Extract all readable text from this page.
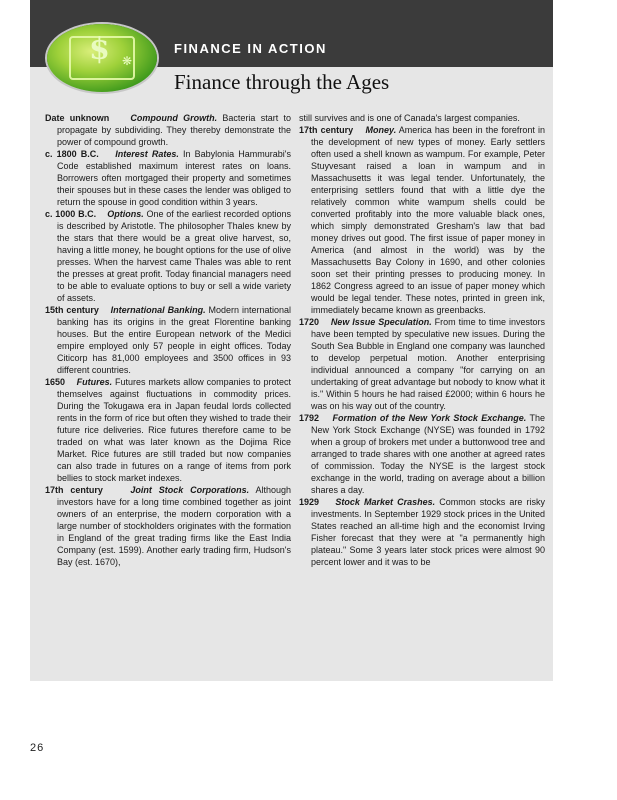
$ ❋
FINANCE IN ACTION
Finance through the Ages

Date unknown Compound Growth. Bacteria start to propagate by subdividing. They thereby demonstrate the power of compound growth.

c. 1800 B.C. Interest Rates. In Babylonia Hammurabi's Code established maximum interest rates on loans. Borrowers often mortgaged their property and sometimes their spouses but in these cases the lender was obliged to return the spouse in good condition within 3 years.

c. 1000 B.C. Options. One of the earliest recorded options is described by Aristotle. The philosopher Thales knew by the stars that there would be a great olive harvest, so, having a little money, he bought options for the use of olive presses. When the harvest came Thales was able to rent the presses at great profit. Today financial managers need to be able to evaluate options to buy or sell a wide variety of assets.

15th century International Banking. Modern international banking has its origins in the great Florentine banking houses. But the entire European network of the Medici empire employed only 57 people in eight offices. Today Citicorp has 81,000 employees and 3500 offices in 93 different countries.

1650 Futures. Futures markets allow companies to protect themselves against fluctuations in commodity prices. During the Tokugawa era in Japan feudal lords collected rents in the form of rice but often they wished to trade their future rice deliveries. Rice futures therefore came to be traded on what was later known as the Dojima Rice Market. Rice futures are still traded but now companies can also trade in futures on a range of items from pork bellies to stock market indexes.

17th century	Joint Stock Corporations. Although investors have for a long time combined together as joint owners of an enterprise, the modern corporation with a large number of stockholders originates with the formation in England of the great trading firms like the East India Company (est. 1599). Another early trading firm, Hudson's Bay (est. 1670),

still survives and is one of Canada's largest companies.

17th century Money. America has been in the forefront in the development of new types of money. Early settlers often used a shell known as wampum. For example, Peter Stuyvesant raised a loan in wampum and in Massachusetts it was legal tender. Unfortunately, the enterprising settlers found that with a little dye the relatively common white wampum shells could be converted profitably into the more valuable black ones, which simply demonstrated Gresham's law that bad money drives out good. The first issue of paper money in America (and almost in the world) was by the Massachusetts Bay Colony in 1690, and other colonies soon set their printing presses to producing money. In 1862 Congress agreed to an issue of paper money which would be legal tender. These notes, printed in green ink, immediately became known as greenbacks.

1720 New Issue Speculation. From time to time investors have been tempted by speculative new issues. During the South Sea Bubble in England one company was launched to develop perpetual motion. Another enterprising individual announced a company "for carrying on an undertaking of great advantage but nobody to know what it is." Within 5 hours he had raised £2000; within 6 hours he was on his way out of the country.

1792 Formation of the New York Stock Exchange. The New York Stock Exchange (NYSE) was founded in 1792 when a group of brokers met under a buttonwood tree and arranged to trade shares with one another at agreed rates of commission. Today the NYSE is the largest stock exchange in the world, trading on average about a billion shares a day.

1929 Stock Market Crashes. Common stocks are risky investments. In September 1929 stock prices in the United States reached an all-time high and the economist Irving Fisher forecast that they were at "a permanently high plateau." Some 3 years later stock prices were almost 90 percent lower and it was to be

26
